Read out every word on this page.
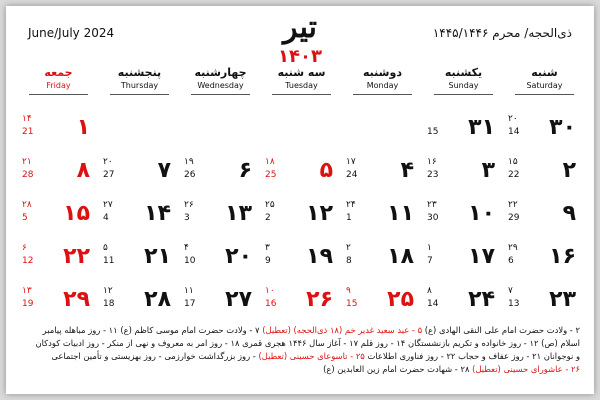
June/July 2024	ذی‌الحجه/ محرم ۱۴۴۵/۱۴۴۶
تیر
۱۴۰۳
شنبه
Saturday
یکشنبه
Sunday
دوشنبه
Monday
سه شنبه
Tuesday
چهارشنبه
Wednesday
پنجشنبه
Thursday
جمعه
Friday
۳۰
۲۰
14
۳۱
15
۱
۱۴
21
۲
۱۵
22
۳
۱۶
23
۴
۱۷
24
۵
۱۸
25
۶
۱۹
26
۷
۲۰
27
۸
۲۱
28
۹
۲۲
29
۱۰
۲۳
30
۱۱
۲۴
1
۱۲
۲۵
2
۱۳
۲۶
3
۱۴
۲۷
4
۱۵
۲۸
5
۱۶
۲۹
6
۱۷
۱
7
۱۸
۲
8
۱۹
۳
9
۲۰
۴
10
۲۱
۵
11
۲۲
۶
12
۲۳
۷
13
۲۴
۸
14
۲۵
۹
15
۲۶
۱۰
16
۲۷
۱۱
17
۲۸
۱۲
18
۲۹
۱۳
19
۲ - ولادت حضرت امام علی النقی الهادی (ع) ۵ - عید سعید غدیر خم (۱۸ ذی‌الحجه) (تعطیل) ۷ - ولادت حضرت امام موسی کاظم (ع) ۱۱ - روز مباهله پیامبر
اسلام (ص) ۱۲ - روز خانواده و تکریم بازنشستگان ۱۴ - روز قلم ۱۷ - آغاز سال ۱۴۴۶ هجری قمری ۱۸ - روز امر به معروف و نهی از منکر - روز ادبیات کودکان
و نوجوانان ۲۱ - روز عفاف و حجاب ۲۲ - روز فناوری اطلاعات ۲۵ - تاسوعای حسینی (تعطیل) - روز بزرگداشت خوارزمی - روز بهزیستی و تأمین اجتماعی
۲۶ - عاشورای حسینی (تعطیل) ۲۸ - شهادت حضرت امام زین العابدین (ع)
